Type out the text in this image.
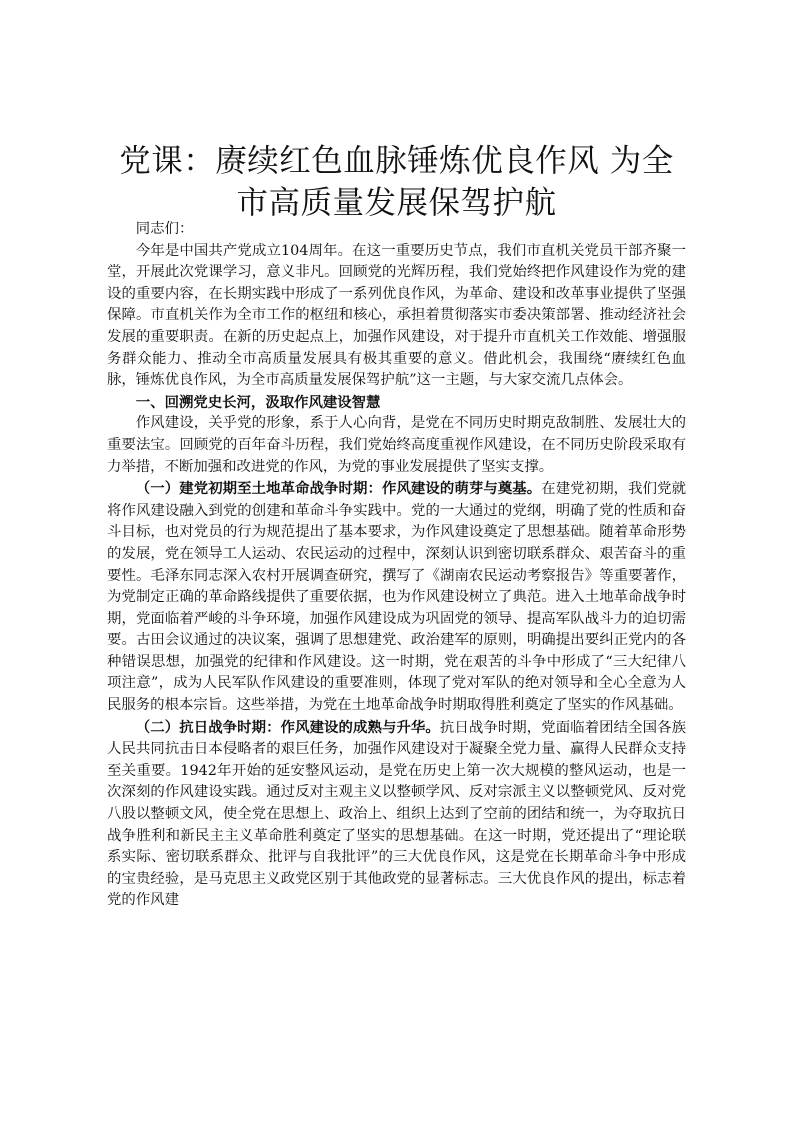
党课：赓续红色血脉锤炼优良作风 为全市高质量发展保驾护航

同志们：

今年是中国共产党成立104周年。在这一重要历史节点，我们市直机关党员干部齐聚一堂，开展此次党课学习，意义非凡。回顾党的光辉历程，我们党始终把作风建设作为党的建设的重要内容，在长期实践中形成了一系列优良作风，为革命、建设和改革事业提供了坚强保障。市直机关作为全市工作的枢纽和核心，承担着贯彻落实市委决策部署、推动经济社会发展的重要职责。在新的历史起点上，加强作风建设，对于提升市直机关工作效能、增强服务群众能力、推动全市高质量发展具有极其重要的意义。借此机会，我围绕“赓续红色血脉，锤炼优良作风，为全市高质量发展保驾护航”这一主题，与大家交流几点体会。

一、回溯党史长河，汲取作风建设智慧

作风建设，关乎党的形象，系于人心向背，是党在不同历史时期克敌制胜、发展壮大的重要法宝。回顾党的百年奋斗历程，我们党始终高度重视作风建设，在不同历史阶段采取有力举措，不断加强和改进党的作风，为党的事业发展提供了坚实支撑。

（一）建党初期至土地革命战争时期：作风建设的萌芽与奠基。在建党初期，我们党就将作风建设融入到党的创建和革命斗争实践中。党的一大通过的党纲，明确了党的性质和奋斗目标，也对党员的行为规范提出了基本要求，为作风建设奠定了思想基础。随着革命形势的发展，党在领导工人运动、农民运动的过程中，深刻认识到密切联系群众、艰苦奋斗的重要性。毛泽东同志深入农村开展调查研究，撰写了《湖南农民运动考察报告》等重要著作，为党制定正确的革命路线提供了重要依据，也为作风建设树立了典范。进入土地革命战争时期，党面临着严峻的斗争环境，加强作风建设成为巩固党的领导、提高军队战斗力的迫切需要。古田会议通过的决议案，强调了思想建党、政治建军的原则，明确提出要纠正党内的各种错误思想，加强党的纪律和作风建设。这一时期，党在艰苦的斗争中形成了“三大纪律八项注意”，成为人民军队作风建设的重要准则，体现了党对军队的绝对领导和全心全意为人民服务的根本宗旨。这些举措，为党在土地革命战争时期取得胜利奠定了坚实的作风基础。

（二）抗日战争时期：作风建设的成熟与升华。抗日战争时期，党面临着团结全国各族人民共同抗击日本侵略者的艰巨任务，加强作风建设对于凝聚全党力量、赢得人民群众支持至关重要。1942年开始的延安整风运动，是党在历史上第一次大规模的整风运动，也是一次深刻的作风建设实践。通过反对主观主义以整顿学风、反对宗派主义以整顿党风、反对党八股以整顿文风，使全党在思想上、政治上、组织上达到了空前的团结和统一，为夺取抗日战争胜利和新民主主义革命胜利奠定了坚实的思想基础。在这一时期，党还提出了“理论联系实际、密切联系群众、批评与自我批评”的三大优良作风，这是党在长期革命斗争中形成的宝贵经验，是马克思主义政党区别于其他政党的显著标志。三大优良作风的提出，标志着党的作风建
